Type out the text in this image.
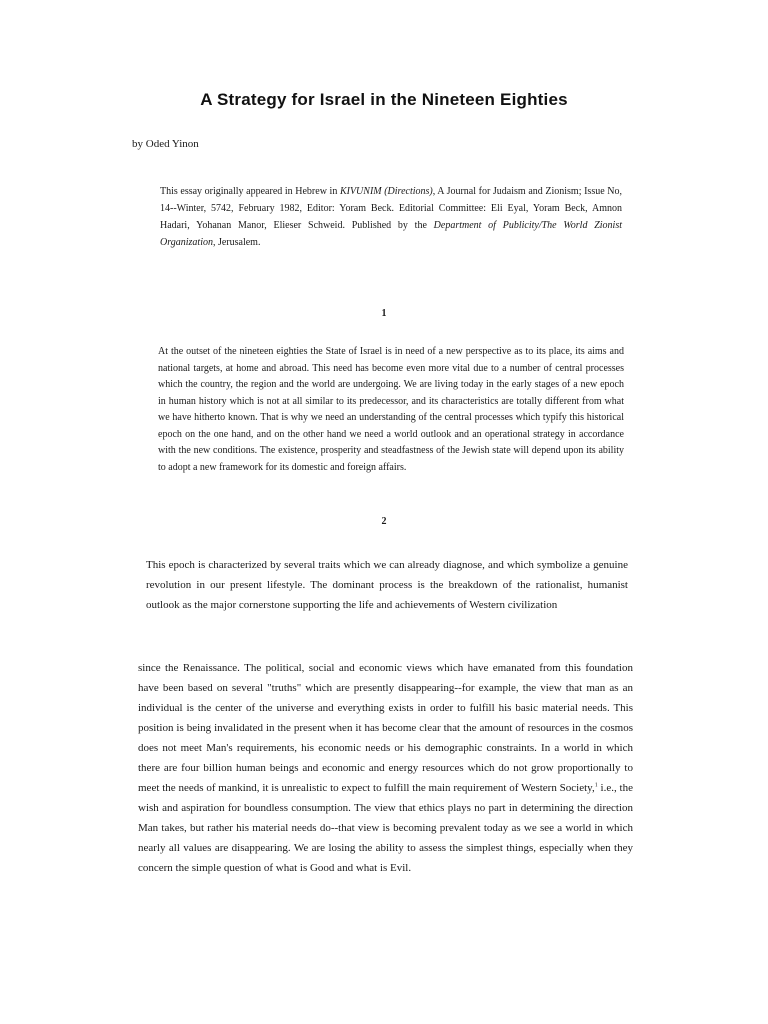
A Strategy for Israel in the Nineteen Eighties
by Oded Yinon
This essay originally appeared in Hebrew in KIVUNIM (Directions), A Journal for Judaism and Zionism; Issue No, 14--Winter, 5742, February 1982, Editor: Yoram Beck. Editorial Committee: Eli Eyal, Yoram Beck, Amnon Hadari, Yohanan Manor, Elieser Schweid. Published by the Department of Publicity/The World Zionist Organization, Jerusalem.
1
At the outset of the nineteen eighties the State of Israel is in need of a new perspective as to its place, its aims and national targets, at home and abroad. This need has become even more vital due to a number of central processes which the country, the region and the world are undergoing. We are living today in the early stages of a new epoch in human history which is not at all similar to its predecessor, and its characteristics are totally different from what we have hitherto known. That is why we need an understanding of the central processes which typify this historical epoch on the one hand, and on the other hand we need a world outlook and an operational strategy in accordance with the new conditions. The existence, prosperity and steadfastness of the Jewish state will depend upon its ability to adopt a new framework for its domestic and foreign affairs.
2
This epoch is characterized by several traits which we can already diagnose, and which symbolize a genuine revolution in our present lifestyle. The dominant process is the breakdown of the rationalist, humanist outlook as the major cornerstone supporting the life and achievements of Western civilization
since the Renaissance. The political, social and economic views which have emanated from this foundation have been based on several "truths" which are presently disappearing--for example, the view that man as an individual is the center of the universe and everything exists in order to fulfill his basic material needs. This position is being invalidated in the present when it has become clear that the amount of resources in the cosmos does not meet Man's requirements, his economic needs or his demographic constraints. In a world in which there are four billion human beings and economic and energy resources which do not grow proportionally to meet the needs of mankind, it is unrealistic to expect to fulfill the main requirement of Western Society,$^1$ i.e., the wish and aspiration for boundless consumption. The view that ethics plays no part in determining the direction Man takes, but rather his material needs do--that view is becoming prevalent today as we see a world in which nearly all values are disappearing. We are losing the ability to assess the simplest things, especially when they concern the simple question of what is Good and what is Evil.
